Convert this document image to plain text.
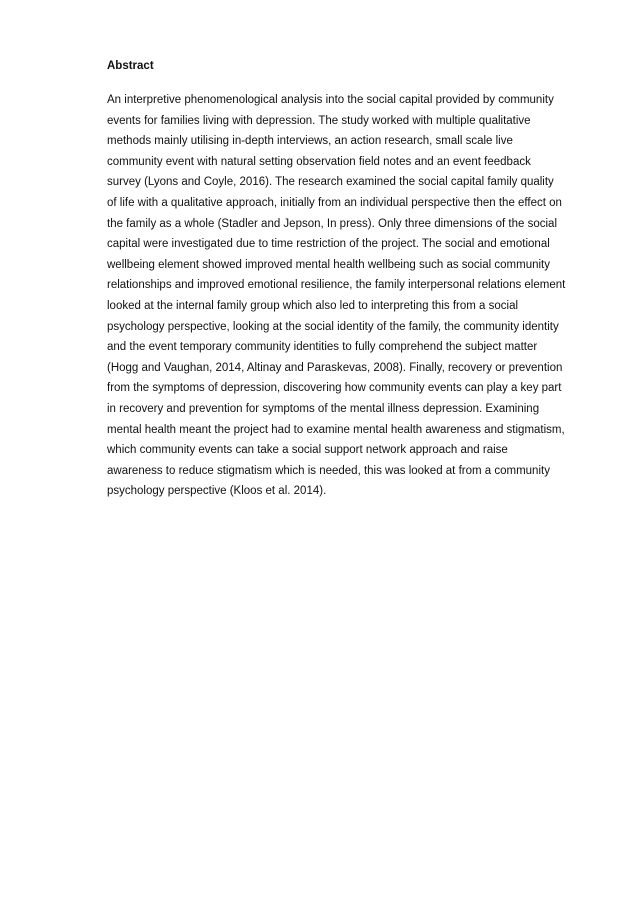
Abstract
An interpretive phenomenological analysis into the social capital provided by community
events for families living with depression. The study worked with multiple qualitative
methods mainly utilising in-depth interviews, an action research, small scale live
community event with natural setting observation field notes and an event feedback
survey (Lyons and Coyle, 2016). The research examined the social capital family quality
of life with a qualitative approach, initially from an individual perspective then the effect on
the family as a whole (Stadler and Jepson, In press). Only three dimensions of the social
capital were investigated due to time restriction of the project. The social and emotional
wellbeing element showed improved mental health wellbeing such as social community
relationships and improved emotional resilience, the family interpersonal relations element
looked at the internal family group which also led to interpreting this from a social
psychology perspective, looking at the social identity of the family, the community identity
and the event temporary community identities to fully comprehend the subject matter
(Hogg and Vaughan, 2014, Altinay and Paraskevas, 2008). Finally, recovery or prevention
from the symptoms of depression, discovering how community events can play a key part
in recovery and prevention for symptoms of the mental illness depression. Examining
mental health meant the project had to examine mental health awareness and stigmatism,
which community events can take a social support network approach and raise
awareness to reduce stigmatism which is needed, this was looked at from a community
psychology perspective (Kloos et al. 2014).
